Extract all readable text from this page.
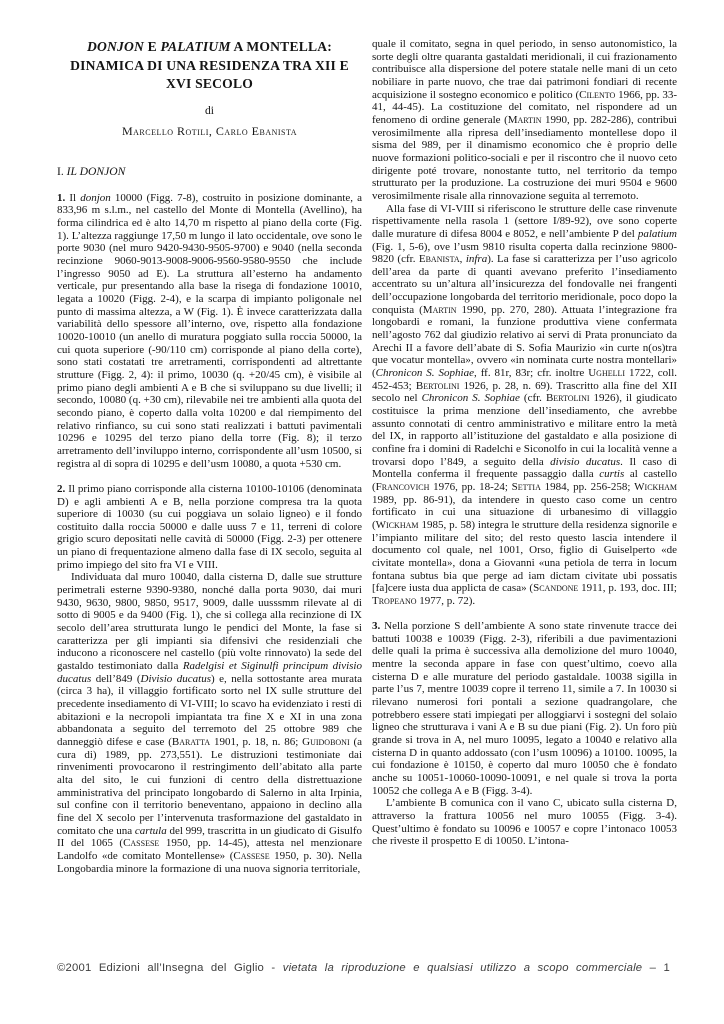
DONJON E PALATIUM A MONTELLA:
DINAMICA DI UNA RESIDENZA TRA XII E
XVI SECOLO
di
Marcello Rotili, Carlo Ebanista
I. IL DONJON

1. Il donjon 10000 (Figg. 7-8), costruito in posizione dominante, a 833,96 m s.l.m., nel castello del Monte di Montella (Avellino), ha forma cilindrica ed è alto 14,70 m rispetto al piano della corte (Fig. 1). L’altezza raggiunge 17,50 m lungo il lato occidentale, ove sono le porte 9030 (nel muro 9420-9430-9505-9700) e 9040 (nella seconda recinzione 9060-9013-9008-9006-9560-9580-9550 che include l’ingresso 9050 ad E). La struttura all’esterno ha andamento verticale, pur presentando alla base la risega di fondazione 10010, legata a 10020 (Figg. 2-4), e la scarpa di impianto poligonale nel punto di massima altezza, a W (Fig. 1). È invece caratterizzata dalla variabilità dello spessore all’interno, ove, rispetto alla fondazione 10020-10010 (un anello di muratura poggiato sulla roccia 50000, la cui quota superiore (-90/110 cm) corrisponde al piano della corte), sono stati costatati tre arretramenti, corrispondenti ad altrettante strutture (Figg. 2, 4): il primo, 10030 (q. +20/45 cm), è visibile al primo piano degli ambienti A e B che si sviluppano su due livelli; il secondo, 10080 (q. +30 cm), rilevabile nei tre ambienti alla quota del secondo piano, è coperto dalla volta 10200 e dal riempimento del relativo rinfianco, su cui sono stati realizzati i battuti pavimentali 10296 e 10295 del terzo piano della torre (Fig. 8); il terzo arretramento dell’inviluppo interno, corrispondente all’usm 10500, si registra al di sopra di 10295 e dell’usm 10080, a quota +530 cm.

2. Il primo piano corrisponde alla cisterna 10100-10106 (denominata D) e agli ambienti A e B, nella porzione compresa tra la quota superiore di 10030 (su cui poggiava un solaio ligneo) e il fondo costituito dalla roccia 50000 e dalle uuss 7 e 11, terreni di colore grigio scuro depositati nelle cavità di 50000 (Figg. 2-3) per ottenere un piano di frequentazione almeno dalla fase di IX secolo, seguita al primo impiego del sito fra VI e VIII.

Individuata dal muro 10040, dalla cisterna D, dalle sue strutture perimetrali esterne 9390-9380, nonché dalla porta 9030, dai muri 9430, 9630, 9800, 9850, 9517, 9009, dalle uusssmm rilevate al di sotto di 9005 e da 9400 (Fig. 1), che si collega alla recinzione di IX secolo dell’area strutturata lungo le pendici del Monte, la fase si caratterizza per gli impianti sia difensivi che residenziali che inducono a riconoscere nel castello (più volte rinnovato) la sede del gastaldo testimoniato dalla Radelgisi et Siginulfi principum divisio ducatus dell’849 (Divisio ducatus) e, nella sottostante area murata (circa 3 ha), il villaggio fortificato sorto nel IX sulle strutture del precedente insediamento di VI-VIII; lo scavo ha evidenziato i resti di abitazioni e la necropoli impiantata tra fine X e XI in una zona abbandonata a seguito del terremoto del 25 ottobre 989 che danneggiò difese e case (Baratta 1901, p. 18, n. 86; Guidoboni (a cura di) 1989, pp. 273,551). Le distruzioni testimoniate dai rinvenimenti provocarono il restringimento dell’abitato alla parte alta del sito, le cui funzioni di centro della distrettuazione amministrativa del principato longobardo di Salerno in alta Irpinia, sul confine con il territorio beneventano, appaiono in declino alla fine del X secolo per l’intervenuta trasformazione del gastaldato in comitato che una cartula del 999, trascritta in un giudicato di Gisulfo II del 1065 (Cassese 1950, pp. 14-45), attesta nel menzionare Landolfo «de comitato Montellense» (Cassese 1950, p. 30). Nella Longobardia minore la formazione di una nuova signoria territoriale,

quale il comitato, segna in quel periodo, in senso autonomistico, la sorte degli oltre quaranta gastaldati meridionali, il cui frazionamento contribuisce alla dispersione del potere statale nelle mani di un ceto nobiliare in parte nuovo, che trae dai patrimoni fondiari di recente acquisizione il sostegno economico e politico (Cilento 1966, pp. 33-41, 44-45). La costituzione del comitato, nel rispondere ad un fenomeno di ordine generale (Martin 1990, pp. 282-286), contribuì verosimilmente alla ripresa dell’insediamento montellese dopo il sisma del 989, per il dinamismo economico che è proprio delle nuove formazioni politico-sociali e per il riscontro che il nuovo ceto dirigente poté trovare, nonostante tutto, nel territorio da tempo strutturato per la produzione. La costruzione dei muri 9504 e 9600 verosimilmente risale alla rinnovazione seguita al terremoto.

Alla fase di VI-VIII si riferiscono le strutture delle case rinvenute rispettivamente nella rasola 1 (settore I/89-92), ove sono coperte dalle murature di difesa 8004 e 8052, e nell’ambiente P del palatium (Fig. 1, 5-6), ove l’usm 9810 risulta coperta dalla recinzione 9800-9820 (cfr. Ebanista, infra). La fase si caratterizza per l’uso agricolo dell’area da parte di quanti avevano preferito l’insediamento accentrato su un’altura all’insicurezza del fondovalle nei frangenti dell’occupazione longobarda del territorio meridionale, poco dopo la conquista (Martin 1990, pp. 270, 280). Attuata l’integrazione fra longobardi e romani, la funzione produttiva viene confermata nell’agosto 762 dal giudizio relativo ai servi di Prata pronunciato da Arechi II a favore dell’abate di S. Sofia Maurizio «in curte n(os)tra que vocatur montella», ovvero «in nominata curte nostra montellari» (Chronicon S. Sophiae, ff. 81r, 83r; cfr. inoltre Ughelli 1722, coll. 452-453; Bertolini 1926, p. 28, n. 69). Trascritto alla fine del XII secolo nel Chronicon S. Sophiae (cfr. Bertolini 1926), il giudicato costituisce la prima menzione dell’insediamento, che avrebbe assunto connotati di centro amministrativo e militare entro la metà del IX, in rapporto all’istituzione del gastaldato e alla posizione di confine fra i domini di Radelchi e Siconolfo in cui la località venne a trovarsi dopo l’849, a seguito della divisio ducatus. Il caso di Montella conferma il frequente passaggio dalla curtis al castello (Francovich 1976, pp. 18-24; Settia 1984, pp. 256-258; Wickham 1989, pp. 86-91), da intendere in questo caso come un centro fortificato in cui una situazione di urbanesimo di villaggio (Wickham 1985, p. 58) integra le strutture della residenza signorile e l’impianto militare del sito; del resto questo lascia intendere il documento col quale, nel 1001, Orso, figlio di Guiselperto «de civitate montella», dona a Giovanni «una petiola de terra in locum fontana subtus bia que perge ad iam dictam civitate ubi possatis [fa]cere iusta dua applicta de casa» (Scandone 1911, p. 193, doc. III; Tropeano 1977, p. 72).

3. Nella porzione S dell’ambiente A sono state rinvenute tracce dei battuti 10038 e 10039 (Figg. 2-3), riferibili a due pavimentazioni delle quali la prima è successiva alla demolizione del muro 10040, mentre la seconda appare in fase con quest’ultimo, coevo alla cisterna D e alle murature del periodo gastaldale. 10038 sigilla in parte l’us 7, mentre 10039 copre il terreno 11, simile a 7. In 10030 si rilevano numerosi fori pontali a sezione quadrangolare, che potrebbero essere stati impiegati per alloggiarvi i sostegni del solaio ligneo che strutturava i vani A e B su due piani (Fig. 2). Un foro più grande si trova in A, nel muro 10095, legato a 10040 e relativo alla cisterna D in quanto addossato (con l’usm 10096) a 10100. 10095, la cui fondazione è 10150, è coperto dal muro 10050 che è fondato anche su 10051-10060-10090-10091, e nel quale si trova la porta 10052 che collega A e B (Figg. 3-4).

L’ambiente B comunica con il vano C, ubicato sulla cisterna D, attraverso la frattura 10056 nel muro 10055 (Figg. 3-4). Quest’ultimo è fondato su 10096 e 10057 e copre l’intonaco 10053 che riveste il prospetto E di 10050. L’intona-

©2001 Edizioni all’Insegna del Giglio - vietata la riproduzione e qualsiasi utilizzo a scopo commerciale – 1
